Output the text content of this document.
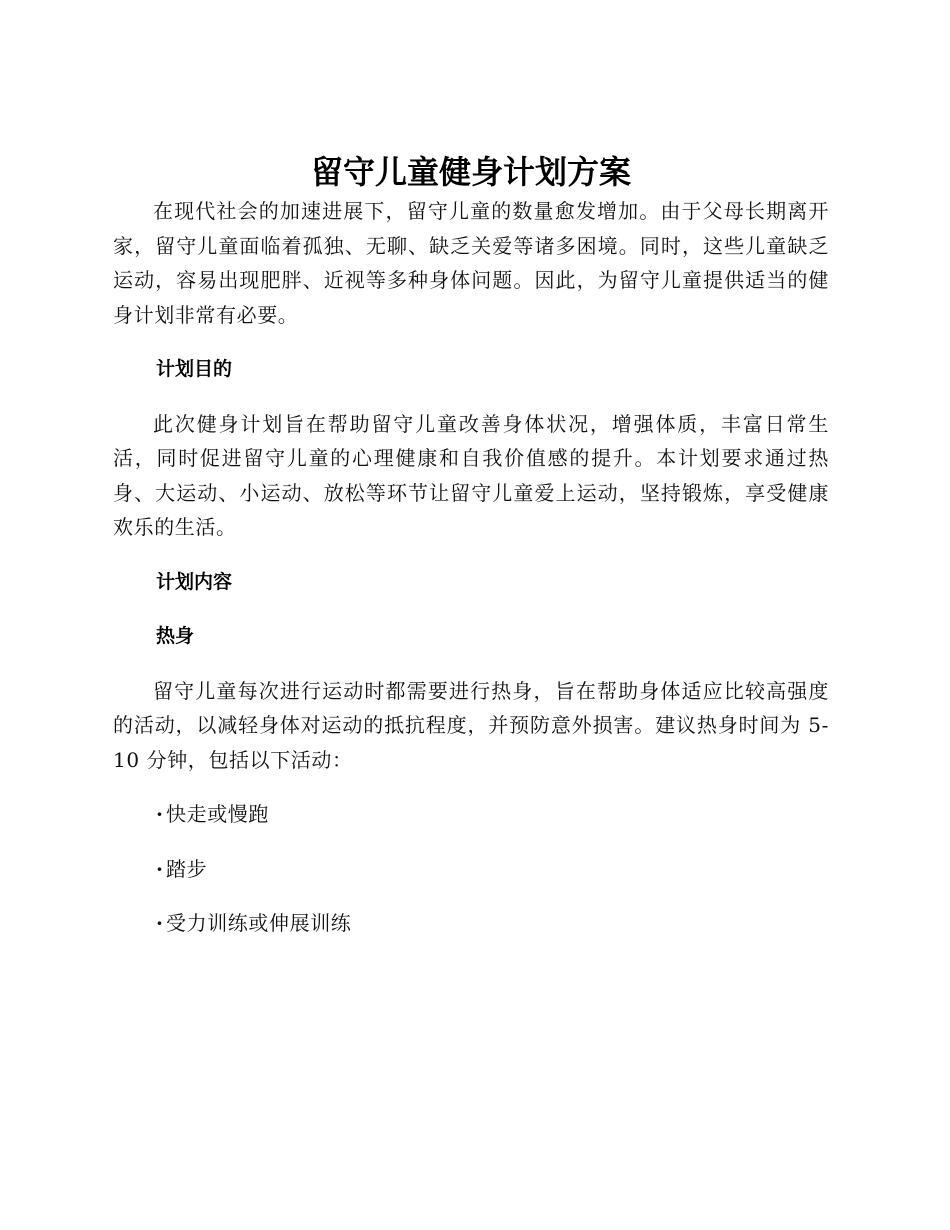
留守儿童健身计划方案

在现代社会的加速进展下，留守儿童的数量愈发增加。由于父母长期离开家，留守儿童面临着孤独、无聊、缺乏关爱等诸多困境。同时，这些儿童缺乏运动，容易出现肥胖、近视等多种身体问题。因此，为留守儿童提供适当的健身计划非常有必要。

计划目的

此次健身计划旨在帮助留守儿童改善身体状况，增强体质，丰富日常生活，同时促进留守儿童的心理健康和自我价值感的提升。本计划要求通过热身、大运动、小运动、放松等环节让留守儿童爱上运动，坚持锻炼，享受健康欢乐的生活。

计划内容
热身

留守儿童每次进行运动时都需要进行热身，旨在帮助身体适应比较高强度的活动，以减轻身体对运动的抵抗程度，并预防意外损害。建议热身时间为 5-10 分钟，包括以下活动：

· 快走或慢跑
· 踏步
· 受力训练或伸展训练
